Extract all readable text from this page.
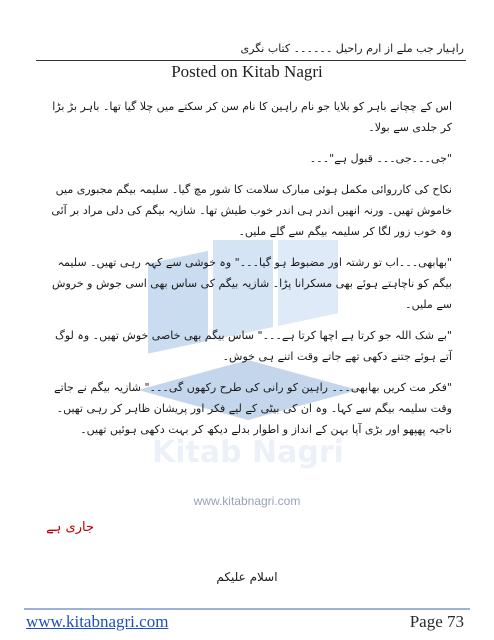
راہیار جب ملے از ارم راحیل ۔۔۔۔۔۔ کتاب نگری
Posted on Kitab Nagri
Kitab Nagri
www.kitabnagri.com

اس کے چچانے باہر کو بلایا جو نام راہین کا نام سن کر سکتے میں چلا گیا تھا۔ باہر بڑ بڑا کر جلدی سے بولا۔

"جی۔۔۔جی۔۔۔ قبول ہے"۔۔۔

نکاح کی کارروائی مکمل ہوئی مبارک سلامت کا شور مچ گیا۔ سلیمہ بیگم مجبوری میں خاموش تھیں۔ ورنہ انھیں اندر ہی اندر خوب طیش تھا۔ شازیہ بیگم کی دلی مراد بر آئی وہ خوب زور لگا کر سلیمہ بیگم سے گلے ملیں۔

"بھابھی۔۔۔اب تو رشتہ اور مضبوط ہو گیا۔۔۔" وہ خوشی سے کہہ رہی تھیں۔ سلیمہ بیگم کو ناچاہتے ہوئے بھی مسکرانا پڑا۔ شازیہ بیگم کی ساس بھی اسی جوش و خروش سے ملیں۔

"بے شک اللہ جو کرتا ہے اچھا کرتا ہے۔۔۔" ساس بیگم بھی خاصی خوش تھیں۔ وہ لوگ آتے ہوئے جتنے دکھی تھے جاتے وقت اتنے ہی خوش۔

"فکر مت کریں بھابھی۔۔۔ راہین کو رانی کی طرح رکھوں گی۔۔۔" شازیہ بیگم نے جاتے وقت سلیمہ بیگم سے کہا۔ وہ ان کی بیٹی کے لیے فکر اور پریشان ظاہر کر رہی تھیں۔ ناجیہ پھپھو اور بڑی آپا بہن کے انداز و اطوار بدلے دیکھ کر بہت دکھی ہوئیں تھیں۔

جاری ہے
اسلام علیکم
www.kitabnagri.com	Page 73
